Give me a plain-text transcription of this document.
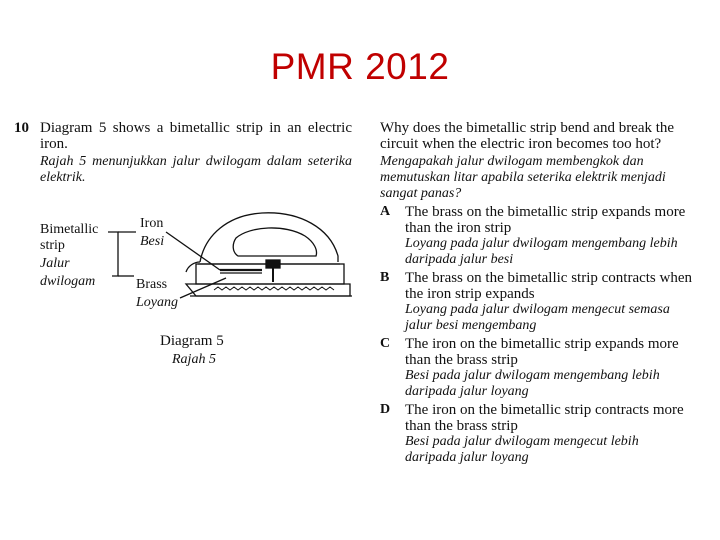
PMR 2012
10 Diagram 5 shows a bimetallic strip in an electric iron.
Rajah 5 menunjukkan jalur dwilogam dalam seterika elektrik.
Bimetallic
strip
Jalur
dwilogam
Iron
Besi
Brass
Loyang
Diagram 5
Rajah 5
Why does the bimetallic strip bend and break the circuit when the electric iron becomes too hot?
Mengapakah jalur dwilogam membengkok dan memutuskan litar apabila seterika elektrik menjadi sangat panas?
A The brass on the bimetallic strip expands more than the iron strip
Loyang pada jalur dwilogam mengembang lebih daripada jalur besi
B The brass on the bimetallic strip contracts when the iron strip expands
Loyang pada jalur dwilogam mengecut semasa jalur besi mengembang
C The iron on the bimetallic strip expands more than the brass strip
Besi pada jalur dwilogam mengembang lebih daripada jalur loyang
D The iron on the bimetallic strip contracts more than the brass strip
Besi pada jalur dwilogam mengecut lebih daripada jalur loyang
